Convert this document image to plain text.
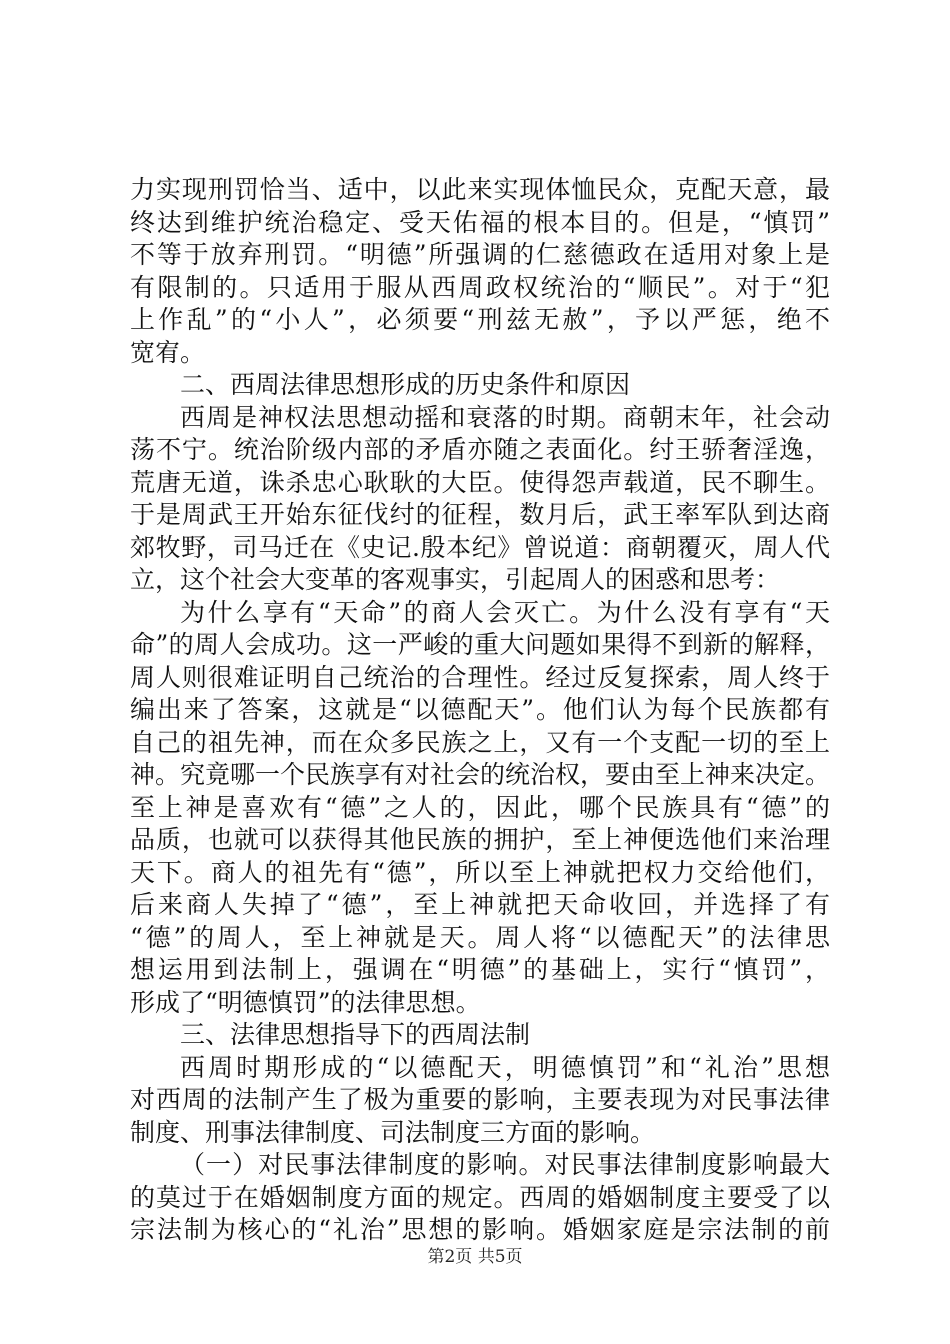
力实现刑罚恰当、适中，以此来实现体恤民众，克配天意，最
终达到维护统治稳定、受天佑福的根本目的。但是，“慎罚”
不等于放弃刑罚。“明德”所强调的仁慈德政在适用对象上是
有限制的。只适用于服从西周政权统治的“顺民”。对于“犯
上作乱”的“小人”，必须要“刑兹无赦”，予以严惩，绝不
宽宥。
二、西周法律思想形成的历史条件和原因
西周是神权法思想动摇和衰落的时期。商朝末年，社会动
荡不宁。统治阶级内部的矛盾亦随之表面化。纣王骄奢淫逸，
荒唐无道，诛杀忠心耿耿的大臣。使得怨声载道，民不聊生。
于是周武王开始东征伐纣的征程，数月后，武王率军队到达商
郊牧野，司马迁在《史记.殷本纪》曾说道：商朝覆灭，周人代
立，这个社会大变革的客观事实，引起周人的困惑和思考：
为什么享有“天命”的商人会灭亡。为什么没有享有“天
命”的周人会成功。这一严峻的重大问题如果得不到新的解释，
周人则很难证明自己统治的合理性。经过反复探索，周人终于
编出来了答案，这就是“以德配天”。他们认为每个民族都有
自己的祖先神，而在众多民族之上，又有一个支配一切的至上
神。究竟哪一个民族享有对社会的统治权，要由至上神来决定。
至上神是喜欢有“德”之人的，因此，哪个民族具有“德”的
品质，也就可以获得其他民族的拥护，至上神便选他们来治理
天下。商人的祖先有“德”，所以至上神就把权力交给他们，
后来商人失掉了“德”，至上神就把天命收回，并选择了有
“德”的周人，至上神就是天。周人将“以德配天”的法律思
想运用到法制上，强调在“明德”的基础上，实行“慎罚”，
形成了“明德慎罚”的法律思想。
三、法律思想指导下的西周法制
西周时期形成的“以德配天，明德慎罚”和“礼治”思想
对西周的法制产生了极为重要的影响，主要表现为对民事法律
制度、刑事法律制度、司法制度三方面的影响。
（一）对民事法律制度的影响。对民事法律制度影响最大
的莫过于在婚姻制度方面的规定。西周的婚姻制度主要受了以
宗法制为核心的“礼治”思想的影响。婚姻家庭是宗法制的前
第2页 共5页
